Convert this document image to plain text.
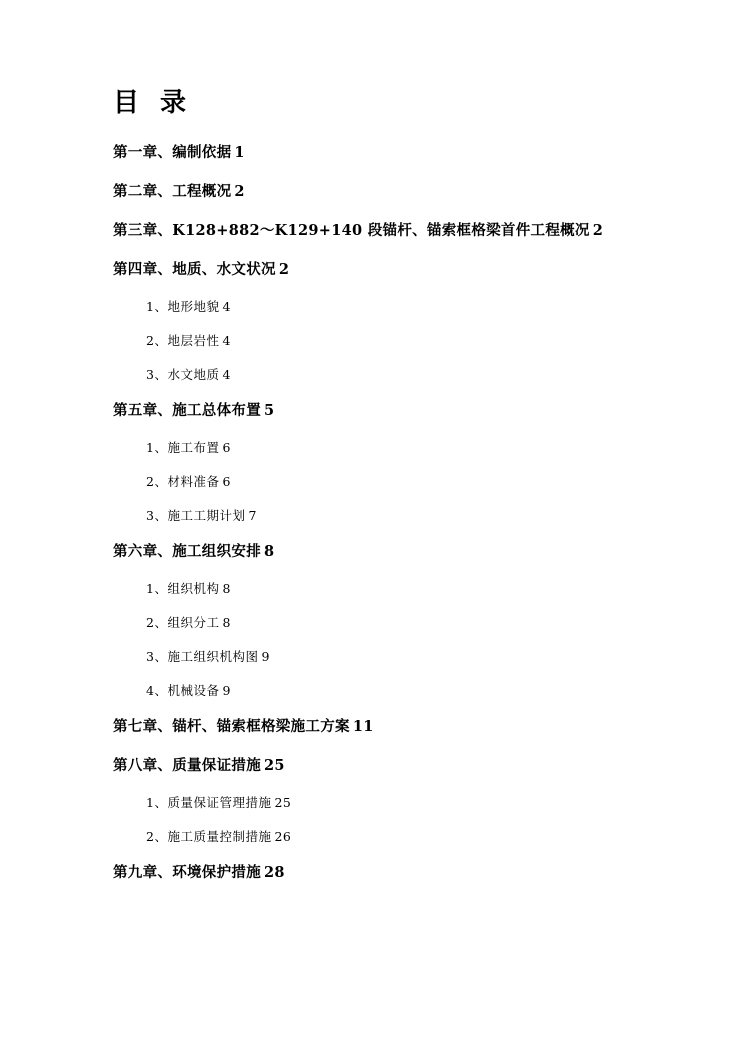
目 录
第一章、编制依据 1
第二章、工程概况 2
第三章、K128+882～K129+140 段锚杆、锚索框格梁首件工程概况 2
第四章、地质、水文状况 2
1、地形地貌 4
2、地层岩性 4
3、水文地质 4
第五章、施工总体布置 5
1、施工布置 6
2、材料准备 6
3、施工工期计划 7
第六章、施工组织安排 8
1、组织机构 8
2、组织分工 8
3、施工组织机构图 9
4、机械设备 9
第七章、锚杆、锚索框格梁施工方案 11
第八章、质量保证措施 25
1、质量保证管理措施 25
2、施工质量控制措施 26
第九章、环境保护措施 28
